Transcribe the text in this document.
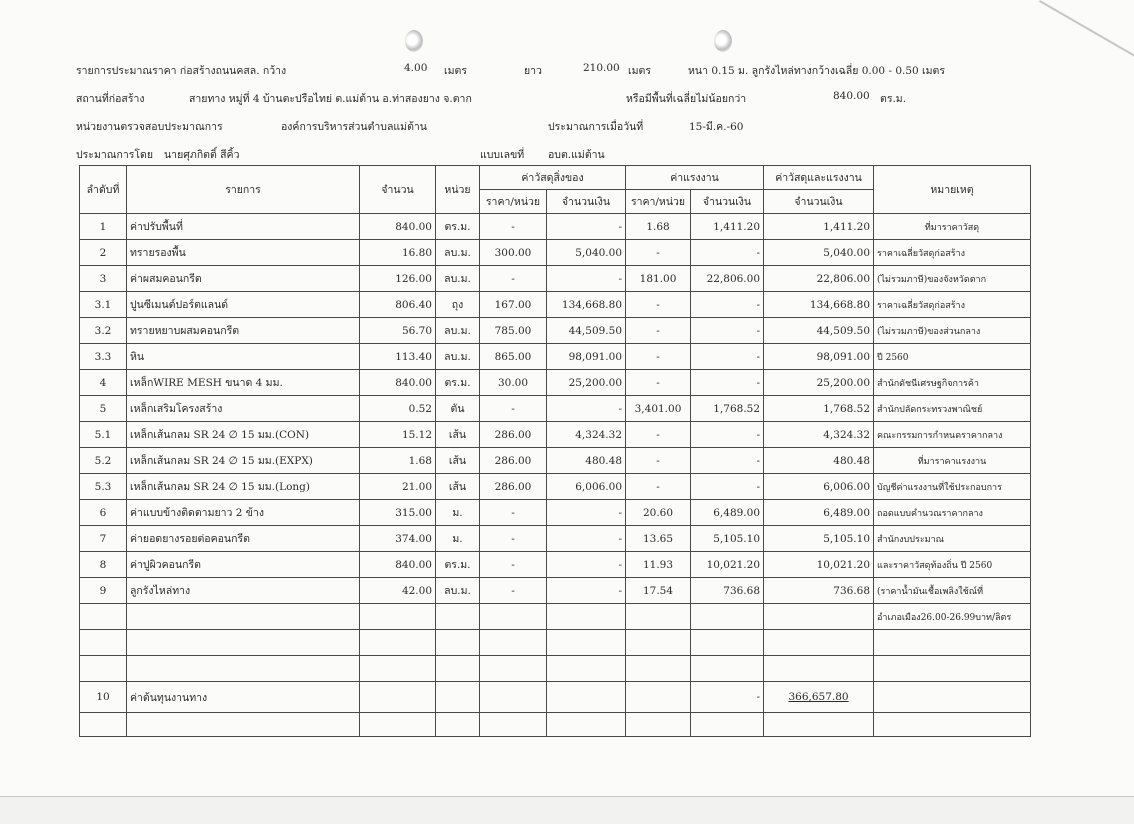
รายการประมาณราคา ก่อสร้างถนนคสล. กว้าง	4.00 เมตร	ยาว	210.00 เมตร	หนา 0.15 ม. ลูกรังไหล่ทางกว้างเฉลี่ย 0.00 - 0.50 เมตร
สถานที่ก่อสร้าง	สายทาง หมู่ที่ 4 บ้านตะปรือไทย่ ต.แม่ต้าน อ.ท่าสองยาง จ.ตาก	หรือมีพื้นที่เฉลี่ยไม่น้อยกว่า	840.00 ตร.ม.
หน่วยงานตรวจสอบประมาณการ	องค์การบริหารส่วนตำบลแม่ต้าน	ประมาณการเมื่อวันที่	15-มี.ค.-60
ประมาณการโดย นายศุภกิตติ์ สีคิ้ว	แบบเลขที่ อบต.แม่ต้าน
ลำดับที่	รายการ	จำนวน	หน่วย	ค่าวัสดุสิ่งของ		ค่าแรงงาน		ค่าวัสดุและแรงงาน	หมายเหตุ
				ราคา/หน่วย	จำนวนเงิน	ราคา/หน่วย	จำนวนเงิน	จำนวนเงิน	
1	ค่าปรับพื้นที่	840.00	ตร.ม.	-	-	1.68	1,411.20	1,411.20	ที่มาราคาวัสดุ
2	ทรายรองพื้น	16.80	ลบ.ม.	300.00	5,040.00	-	-	5,040.00	ราคาเฉลี่ยวัสดุก่อสร้าง
3	ค่าผสมคอนกรีต	126.00	ลบ.ม.	-	-	181.00	22,806.00	22,806.00	(ไม่รวมภาษี)ของจังหวัดตาก
3.1	ปูนซีเมนต์ปอร์ตแลนด์	806.40	ถุง	167.00	134,668.80	-	-	134,668.80	ราคาเฉลี่ยวัสดุก่อสร้าง
3.2	ทรายหยาบผสมคอนกรีต	56.70	ลบ.ม.	785.00	44,509.50	-	-	44,509.50	(ไม่รวมภาษี)ของส่วนกลาง
3.3	หิน	113.40	ลบ.ม.	865.00	98,091.00	-	-	98,091.00	ปี 2560
4	เหล็กWIRE MESH ขนาด 4 มม.	840.00	ตร.ม.	30.00	25,200.00	-	-	25,200.00	สำนักดัชนีเศรษฐกิจการค้า
5	เหล็กเสริมโครงสร้าง	0.52	ตัน	-	-	3,401.00	1,768.52	1,768.52	สำนักปลัดกระทรวงพาณิชย์
5.1	เหล็กเส้นกลม SR 24 ∅ 15 มม.(CON)	15.12	เส้น	286.00	4,324.32	-	-	4,324.32	คณะกรรมการกำหนดราคากลาง
5.2	เหล็กเส้นกลม SR 24 ∅ 15 มม.(EXPX)	1.68	เส้น	286.00	480.48	-	-	480.48	ที่มาราคาแรงงาน
5.3	เหล็กเส้นกลม SR 24 ∅ 15 มม.(Long)	21.00	เส้น	286.00	6,006.00	-	-	6,006.00	บัญชีค่าแรงงานที่ใช้ประกอบการ
6	ค่าแบบข้างติดตามยาว 2 ข้าง	315.00	ม.	-	-	20.60	6,489.00	6,489.00	ถอดแบบคำนวณราคากลาง
7	ค่ายอดยางรอยต่อคอนกรีต	374.00	ม.	-	-	13.65	5,105.10	5,105.10	สำนักงบประมาณ
8	ค่าปูผิวคอนกรีต	840.00	ตร.ม.	-	-	11.93	10,021.20	10,021.20	และราคาวัสดุท้องถิ่น ปี 2560
9	ลูกรังไหล่ทาง	42.00	ลบ.ม.	-	-	17.54	736.68	736.68	(ราคาน้ำมันเชื้อเพลิงใช้ณ์ที่
									อำเภอเมือง26.00-26.99บาท/ลิตร

10	ค่าต้นทุนงานทาง						-	366,657.80	
